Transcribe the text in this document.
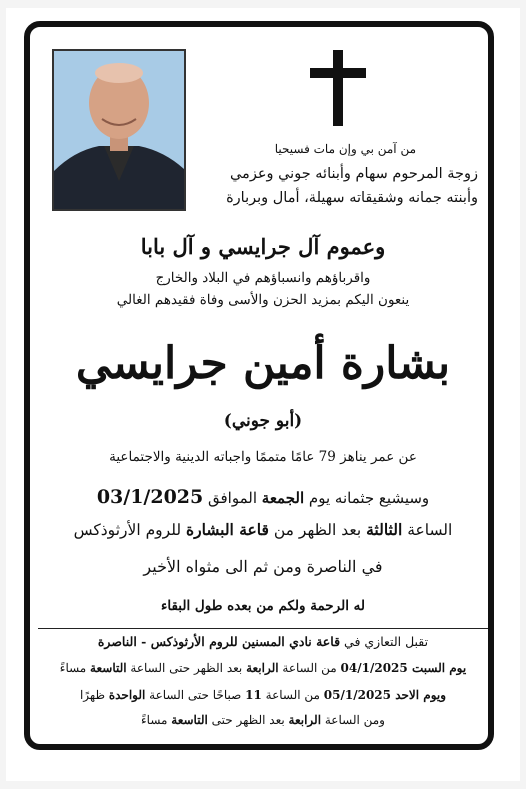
من آمن بي وإن مات فسيحيا
زوجة المرحوم سهام وأبنائه جوني وعزمي
وأبنته جمانه وشقيقاته سهيلة، أمال وبربارة
وعموم آل جرايسي و آل بابا
واقرباؤهم وانسباؤهم في البلاد والخارج
ينعون اليكم بمزيد الحزن والأسى وفاة فقيدهم الغالي
بشارة أمين جرايسي
(أبو جوني)
عن عمر يناهز 79 عامًا متممًا واجباته الدينية والاجتماعية
وسيشيع جثمانه يوم الجمعة الموافق 03/1/2025
الساعة الثالثة بعد الظهر من قاعة البشارة للروم الأرثوذكس
في الناصرة ومن ثم الى مثواه الأخير
له الرحمة ولكم من بعده طول البقاء
تقبل التعازي في قاعة نادي المسنين للروم الأرثوذكس - الناصرة
يوم السبت 04/1/2025 من الساعة الرابعة بعد الظهر حتى الساعة التاسعة مساءً
ويوم الاحد 05/1/2025 من الساعة 11 صباحًا حتى الساعة الواحدة ظهرًا
ومن الساعة الرابعة بعد الظهر حتى التاسعة مساءً
